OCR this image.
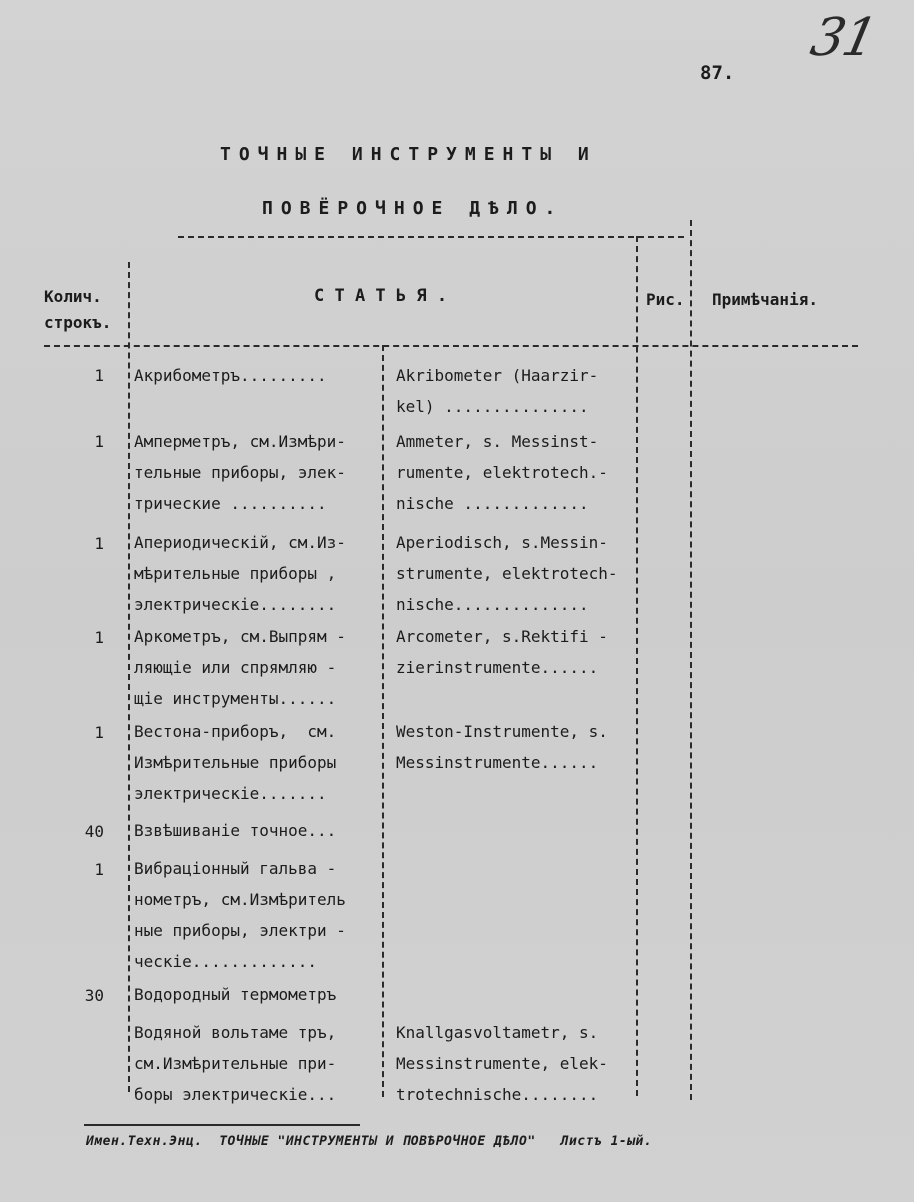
31
87.
ТОЧНЫЕ ИНСТРУМЕНТЫ И
ПОВЁРОЧНОЕ ДѢЛО.
Колич.
строкъ.
С Т А Т Ь Я .	Рис. Примѣчанія.
1 Акрибометръ.........	Akribometer (Haarzir-
kel) ...............
1 Амперметръ, см.Измѣри-
тельные приборы, элек-
трические ..........
Ammeter, s. Messinst-
rumente, elektrotech.-
nische .............
1 Апериодическій, см.Из-
мѣрительные приборы ,
электрическіе........
Aperiodisch, s.Messin-
strumente, elektrotech-
nische..............
1 Аркометръ, см.Выпрям -
ляющіе или спрямляю -
щіе инструменты......
Arcometer, s.Rektifi -
zierinstrumente......
1 Вестона-приборъ,  см.
Измѣрительные приборы
электрическіе.......
Weston-Instrumente, s.
Messinstrumente......
40 Взвѣшиваніе точное...
1 Вибраціонный гальва -
нометръ, см.Измѣритель
ные приборы, электри -
ческіе.............
30 Водородный термометръ
Водяной вольтаме тръ,
см.Измѣрительные при-
боры электрическіе...
Knallgasvoltametr, s.
Messinstrumente, elek-
trotechnische........
Имен.Техн.Энц.  ТОЧНЫЕ "ИНСТРУМЕНТЫ И ПОВѢРОЧНОЕ ДѢЛО"   Листъ 1-ый.
